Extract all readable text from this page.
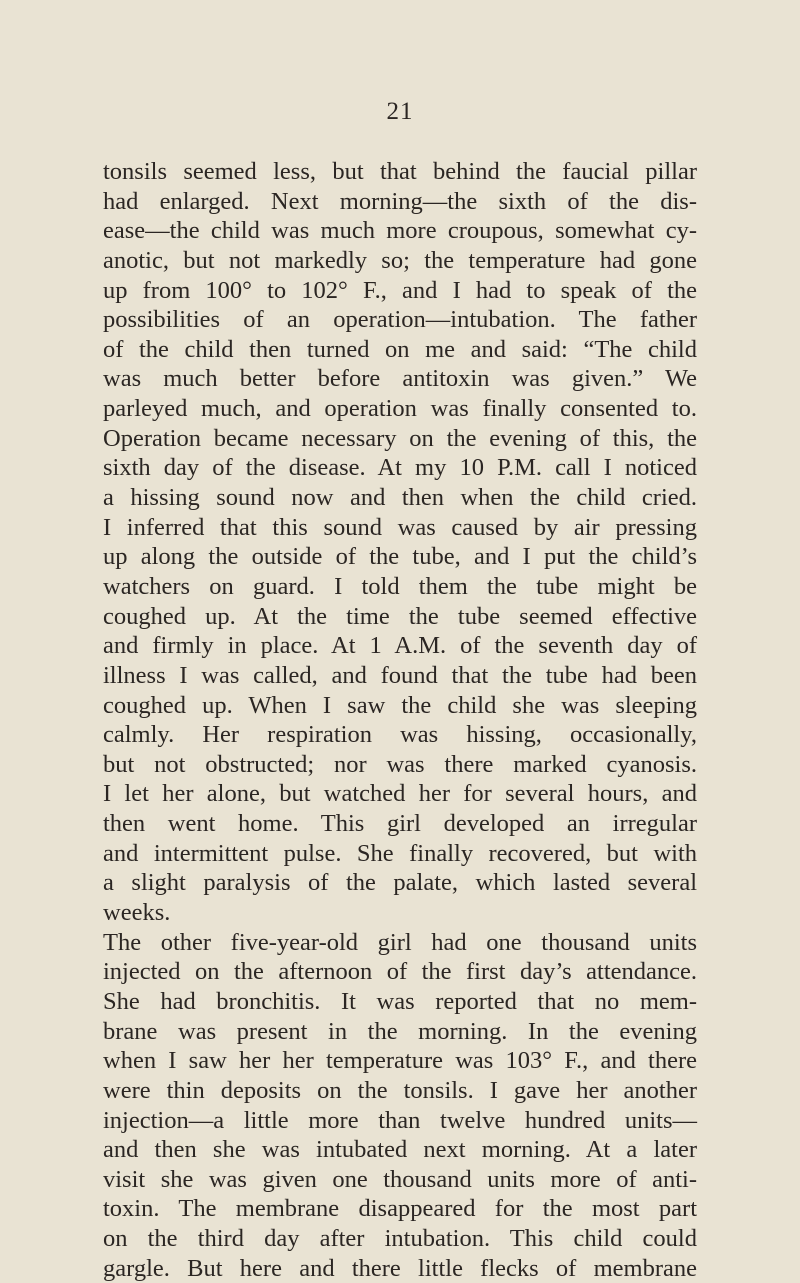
21
tonsils seemed less, but that behind the faucial pillar
had enlarged. Next morning—the sixth of the dis-
ease—the child was much more croupous, somewhat cy-
anotic, but not markedly so; the temperature had gone
up from 100° to 102° F., and I had to speak of the
possibilities of an operation—intubation. The father
of the child then turned on me and said: “The child
was much better before antitoxin was given.” We
parleyed much, and operation was finally consented to.
Operation became necessary on the evening of this, the
sixth day of the disease. At my 10 P.M. call I noticed
a hissing sound now and then when the child cried.
I inferred that this sound was caused by air pressing
up along the outside of the tube, and I put the child’s
watchers on guard. I told them the tube might be
coughed up. At the time the tube seemed effective
and firmly in place. At 1 A.M. of the seventh day of
illness I was called, and found that the tube had been
coughed up. When I saw the child she was sleeping
calmly. Her respiration was hissing, occasionally,
but not obstructed; nor was there marked cyanosis.
I let her alone, but watched her for several hours, and
then went home. This girl developed an irregular
and intermittent pulse. She finally recovered, but with
a slight paralysis of the palate, which lasted several
weeks.
The other five-year-old girl had one thousand units
injected on the afternoon of the first day’s attendance.
She had bronchitis. It was reported that no mem-
brane was present in the morning. In the evening
when I saw her her temperature was 103° F., and there
were thin deposits on the tonsils. I gave her another
injection—a little more than twelve hundred units—
and then she was intubated next morning. At a later
visit she was given one thousand units more of anti-
toxin. The membrane disappeared for the most part
on the third day after intubation. This child could
gargle. But here and there little flecks of membrane
